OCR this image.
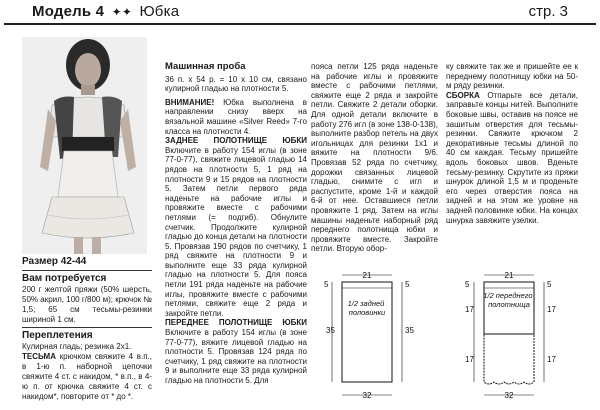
Модель 4 ✦✦ Юбка	стр. 3

Размер 42-44

Вам потребуется

200 г желтой пряжи (50% шерсть, 50% акрил, 100 г/800 м); крючок № 1,5; 65 см тесьмы-резинки шириной 1 см.

Переплетения

Кулирная гладь; резинка 2х1.
ТЕСЬМА крючком свяжите 4 в.п., в 1-ю п. наборной цепочки свяжите 4 ст. с накидом, * в.п., в 4-ю п. от крючка свяжите 4 ст. с накидом*, повторите от * до *.

Машинная проба

36 п. х 54 р. = 10 х 10 см, связано кулирной гладью на плотности 5.

ВНИМАНИЕ! Юбка выполнена в направлении снизу вверх на вязальной машине «Silver Reed» 7-го класса на плотности 4.

ЗАДНЕЕ ПОЛОТНИЩЕ ЮБКИ Включите в работу 154 иглы (в зоне 77-0-77), свяжите лицевой гладью 14 рядов на плотности 5, 1 ряд на плотности 9 и 15 рядов на плотности 5. Затем петли первого ряда наденьте на рабочие иглы и провяжите вместе с рабочими петлями (= подгиб). Обнулите счетчик. Продолжите кулирной гладью до конца детали на плотности 5. Провязав 190 рядов по счетчику, 1 ряд свяжите на плотности 9 и выполните еще 33 ряда кулирной гладью на плотности 5. Для пояса петли 191 ряда наденьте на рабочие иглы, провяжите вместе с рабочими петлями, свяжите еще 2 ряда и закройте петли.

ПЕРЕДНЕЕ ПОЛОТНИЩЕ ЮБКИ Включите в работу 154 иглы (в зоне 77-0-77), вяжите лицевой гладью на плотности 5. Провязав 124 ряда по счетчику, 1 ряд свяжите на плотности 9 и выполните еще 33 ряда кулирной гладью на плотности 5. Для

пояса петли 125 ряда наденьте на рабочие иглы и провяжите вместе с рабочими петлями, свяжите еще 2 ряда и закройте петли. Свяжите 2 детали оборки. Для одной детали включите в работу 276 игл (в зоне 138-0-138), выполните разбор петель на двух игольницах для резинки 1х1 и вяжите на плотности 9/6. Провязав 52 ряда по счетчику, дорожки связанных лицевой гладью, снимите с игл и распустите, кроме 1-й и каждой 6-й от нее. Оставшиеся петли провяжите 1 ряд. Затем на иглы машины наденьте наборный ряд переднего полотнища юбки и провяжите вместе. Закройте петли. Вторую обор-

ку свяжите так же и пришейте ее к переднему полотнищу юбки на 50-м ряду резинки.

СБОРКА Отпарьте все детали, заправьте концы нитей. Выполните боковые швы, оставив на поясе не зашитым отверстия для тесьмы-резинки. Свяжите крючком 2 декоративные тесьмы длиной по 40 см каждая. Тесьму пришейте вдоль боковых швов. Вденьте тесьму-резинку. Скрутите из пряжи шнурок длиной 1,5 м и проденьте его через отверстия пояса на задней и на этом же уровне на задней половинке юбки. На концах шнурка завяжите узелки.

21
1/2 задней половинки
35	35
5	5
32
21
1/2 переднего полотнища
17
17
17
17
5	5
32
